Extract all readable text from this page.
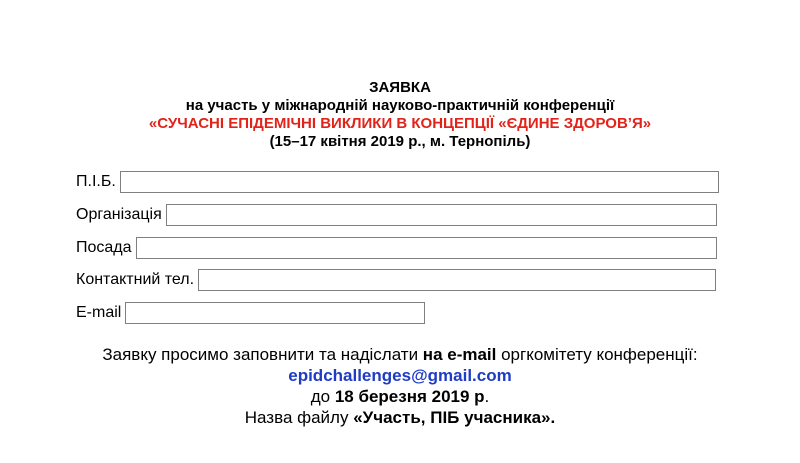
ЗАЯВКА
на участь у міжнародній науково-практичній конференції
«СУЧАСНІ ЕПІДЕМІЧНІ ВИКЛИКИ В КОНЦЕПЦІЇ «ЄДИНЕ ЗДОРОВ’Я»
(15–17 квітня 2019 р., м. Тернопіль)
П.І.Б.
Організація
Посада
Контактний тел.
E-mail
Заявку просимо заповнити та надіслати на e-mail оргкомітету конференції:
epidchallenges@gmail.com
до 18 березня 2019 р.
Назва файлу «Участь, ПІБ учасника».
